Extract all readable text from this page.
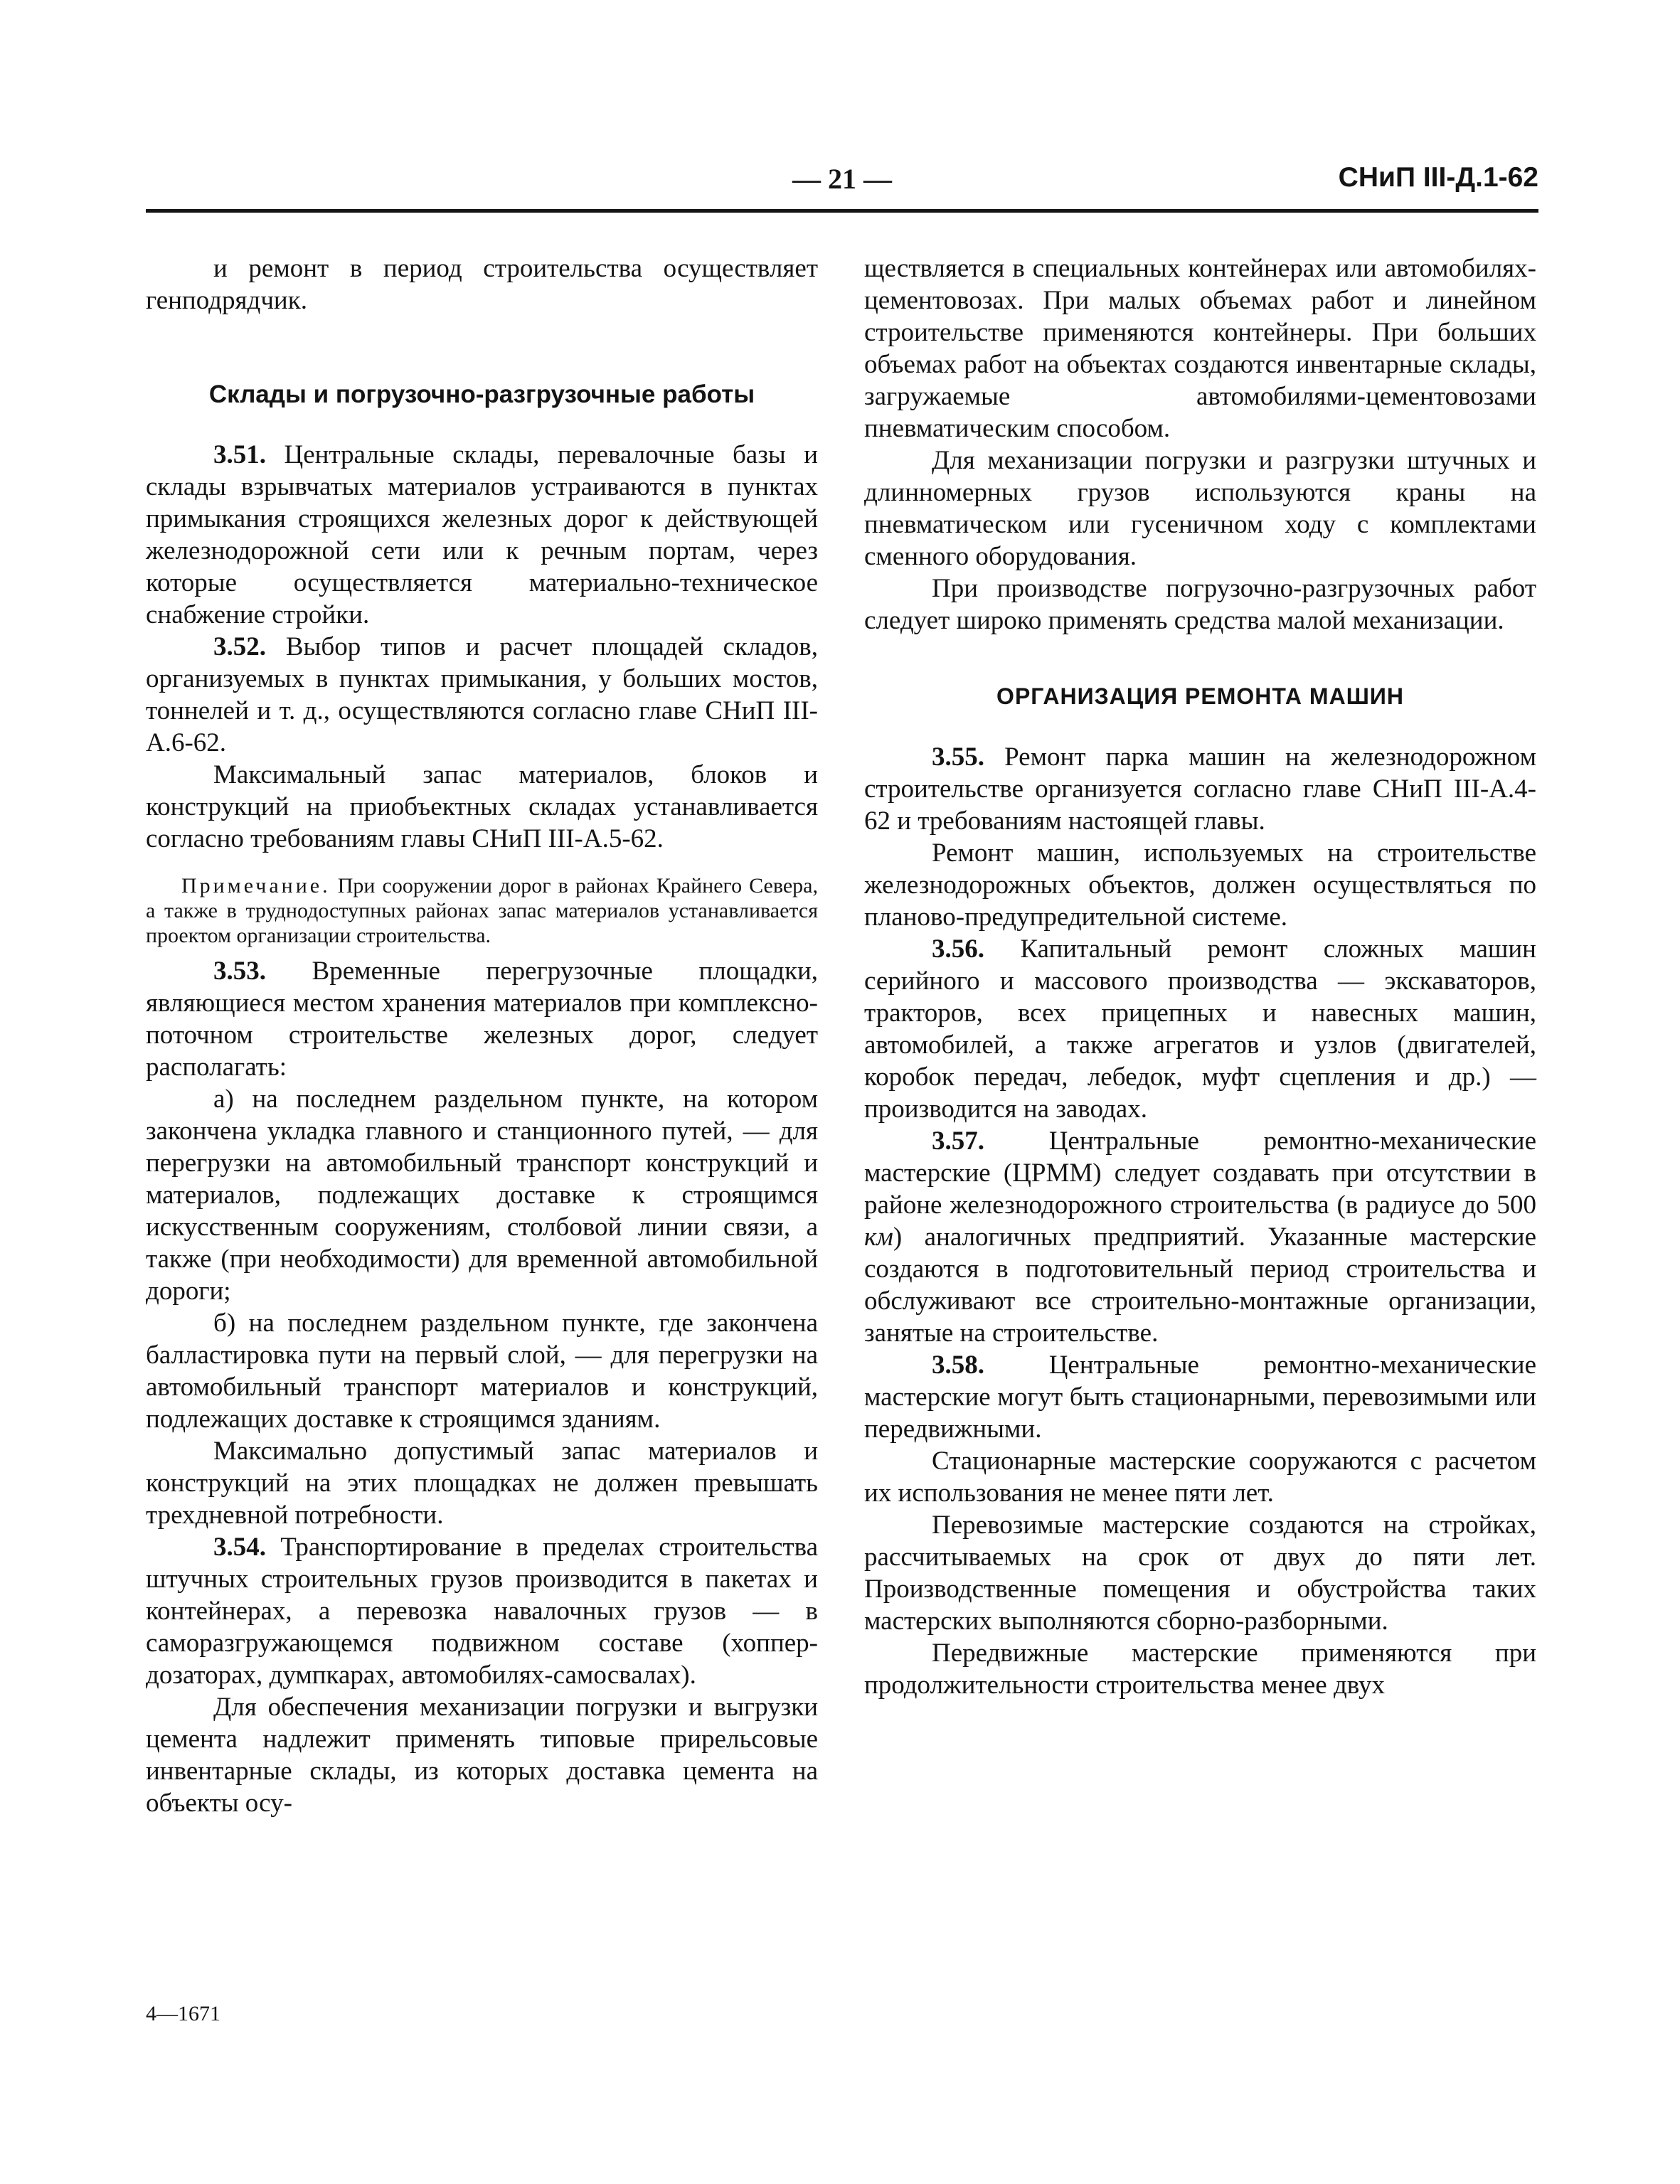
— 21 —	СНиП III-Д.1-62

и ремонт в период строительства осуществляет генподрядчик.

Склады и погрузочно-разгрузочные работы

3.51. Центральные склады, перевалочные базы и склады взрывчатых материалов устраиваются в пунктах примыкания строящихся железных дорог к действующей железнодорожной сети или к речным портам, через которые осуществляется материально-техническое снабжение стройки.

3.52. Выбор типов и расчет площадей складов, организуемых в пунктах примыкания, у больших мостов, тоннелей и т. д., осуществляются согласно главе СНиП III-А.6-62.

Максимальный запас материалов, блоков и конструкций на приобъектных складах устанавливается согласно требованиям главы СНиП III-А.5-62.

Примечание. При сооружении дорог в районах Крайнего Севера, а также в труднодоступных районах запас материалов устанавливается проектом организации строительства.

3.53. Временные перегрузочные площадки, являющиеся местом хранения материалов при комплексно-поточном строительстве железных дорог, следует располагать:

а) на последнем раздельном пункте, на котором закончена укладка главного и станционного путей, — для перегрузки на автомобильный транспорт конструкций и материалов, подлежащих доставке к строящимся искусственным сооружениям, столбовой линии связи, а также (при необходимости) для временной автомобильной дороги;

б) на последнем раздельном пункте, где закончена балластировка пути на первый слой, — для перегрузки на автомобильный транспорт материалов и конструкций, подлежащих доставке к строящимся зданиям.

Максимально допустимый запас материалов и конструкций на этих площадках не должен превышать трехдневной потребности.

3.54. Транспортирование в пределах строительства штучных строительных грузов производится в пакетах и контейнерах, а перевозка навалочных грузов — в саморазгружающемся подвижном составе (хоппер-дозаторах, думпкарах, автомобилях-самосвалах).

Для обеспечения механизации погрузки и выгрузки цемента надлежит применять типовые прирельсовые инвентарные склады, из которых доставка цемента на объекты осу-

4—1671

ществляется в специальных контейнерах или автомобилях-цементовозах. При малых объемах работ и линейном строительстве применяются контейнеры. При больших объемах работ на объектах создаются инвентарные склады, загружаемые автомобилями-цементовозами пневматическим способом.

Для механизации погрузки и разгрузки штучных и длинномерных грузов используются краны на пневматическом или гусеничном ходу с комплектами сменного оборудования.

При производстве погрузочно-разгрузочных работ следует широко применять средства малой механизации.

ОРГАНИЗАЦИЯ РЕМОНТА МАШИН

3.55. Ремонт парка машин на железнодорожном строительстве организуется согласно главе СНиП III-А.4-62 и требованиям настоящей главы.

Ремонт машин, используемых на строительстве железнодорожных объектов, должен осуществляться по планово-предупредительной системе.

3.56. Капитальный ремонт сложных машин серийного и массового производства — экскаваторов, тракторов, всех прицепных и навесных машин, автомобилей, а также агрегатов и узлов (двигателей, коробок передач, лебедок, муфт сцепления и др.) — производится на заводах.

3.57. Центральные ремонтно-механические мастерские (ЦРММ) следует создавать при отсутствии в районе железнодорожного строительства (в радиусе до 500 км) аналогичных предприятий. Указанные мастерские создаются в подготовительный период строительства и обслуживают все строительно-монтажные организации, занятые на строительстве.

3.58. Центральные ремонтно-механические мастерские могут быть стационарными, перевозимыми или передвижными.

Стационарные мастерские сооружаются с расчетом их использования не менее пяти лет.

Перевозимые мастерские создаются на стройках, рассчитываемых на срок от двух до пяти лет. Производственные помещения и обустройства таких мастерских выполняются сборно-разборными.

Передвижные мастерские применяются при продолжительности строительства менее двух
